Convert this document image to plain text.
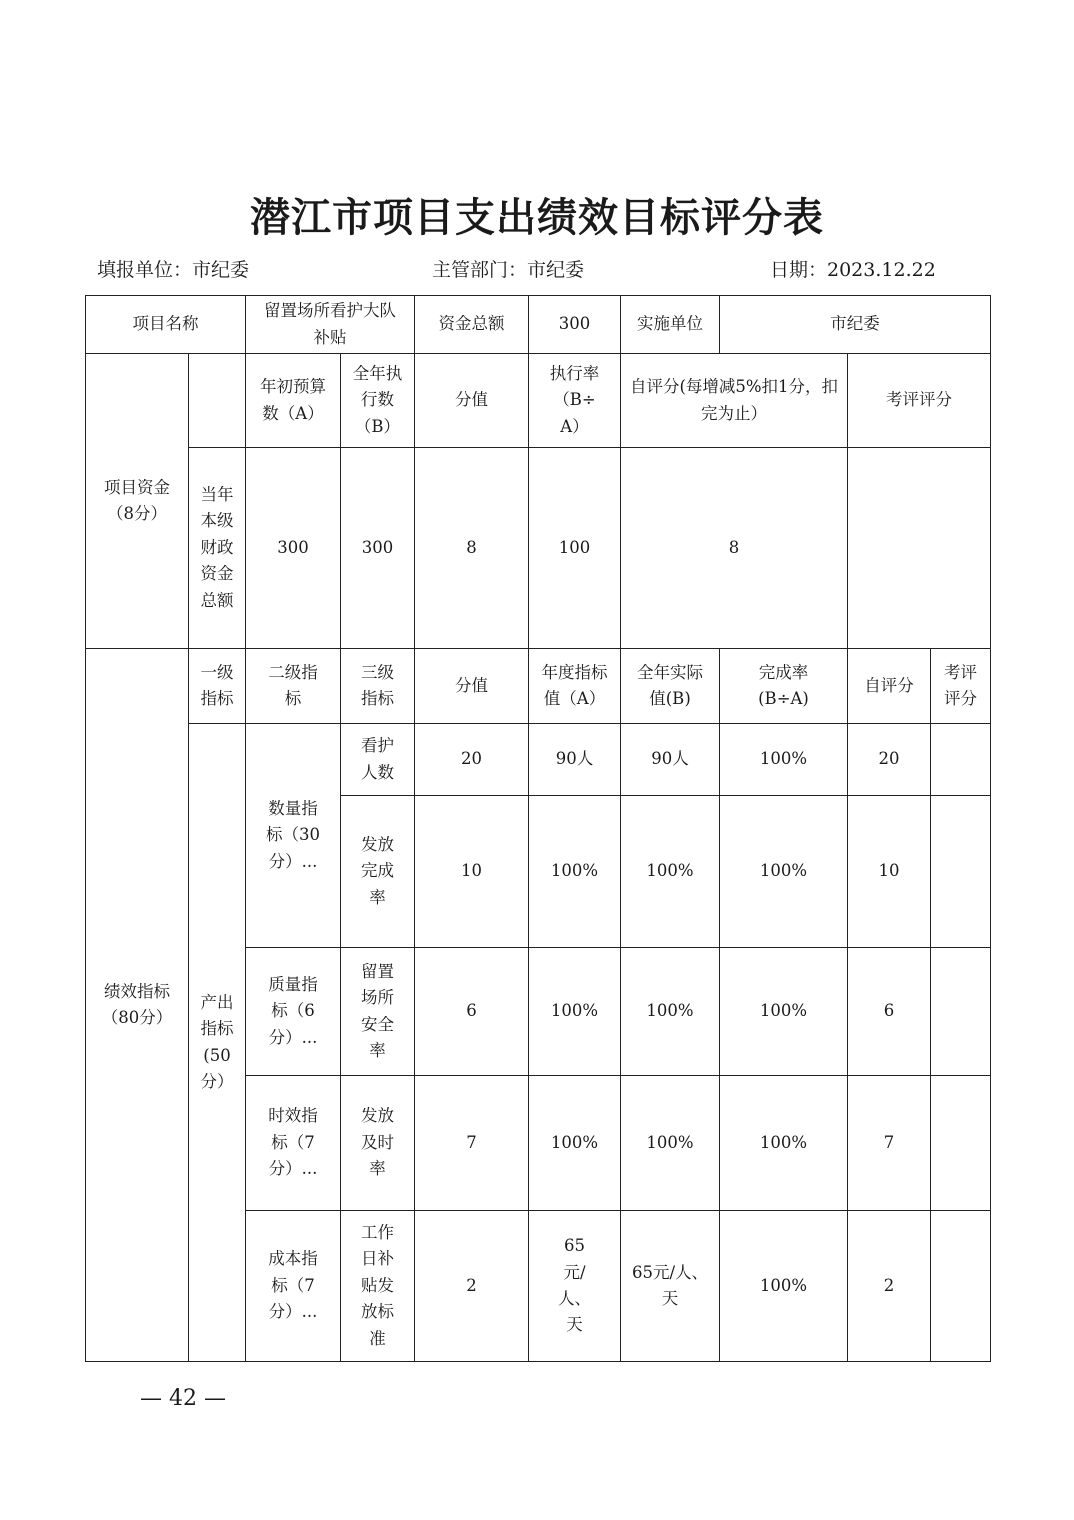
潜江市项目支出绩效目标评分表
填报单位：市纪委	主管部门：市纪委	日期：2023.12.22
项目名称		留置场所看护大队补贴		资金总额	300	实施单位	市纪委		
项目资金（8分）		年初预算数（A）	全年执行数（B）	分值	执行率（B÷A）	自评分(每增减5%扣1分，扣完为止）		考评评分	
	当年本级财政资金总额	300	300	8	100	8			
绩效指标（80分）	一级指标	二级指标	三级指标	分值	年度指标值（A）	全年实际值(B)	完成率(B÷A)	自评分	考评评分
	产出指标(50分）	数量指标（30分）...	看护人数	20	90人	90人	100%	20	
			发放完成率	10	100%	100%	100%	10	
		质量指标（6分）...	留置场所安全率	6	100%	100%	100%	6	
		时效指标（7分）...	发放及时率	7	100%	100%	100%	7	
		成本指标（7分）...	工作日补贴发放标准	2	65元/人、天	65元/人、天	100%	2	
— 42 —
